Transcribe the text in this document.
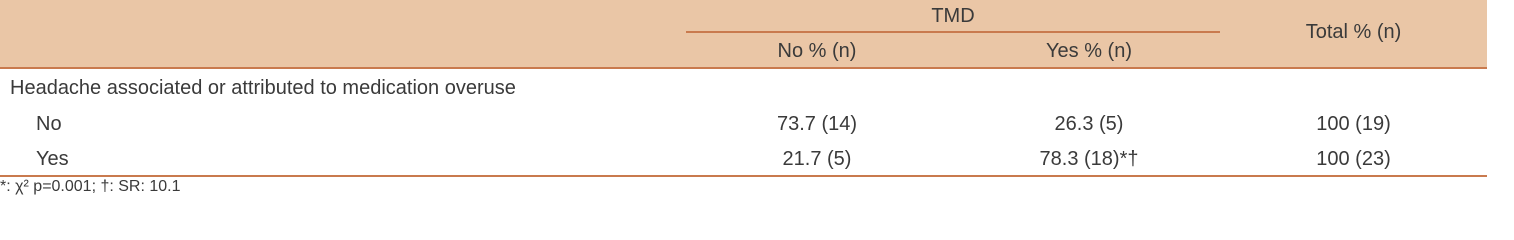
TMD
No % (n)	Yes % (n)
Total % (n)
Headache associated or attributed to medication overuse
No	73.7 (14)	26.3 (5)	100 (19)
Yes	21.7 (5)	78.3 (18)*†	100 (23)
*: χ² p=0.001; †: SR: 10.1
